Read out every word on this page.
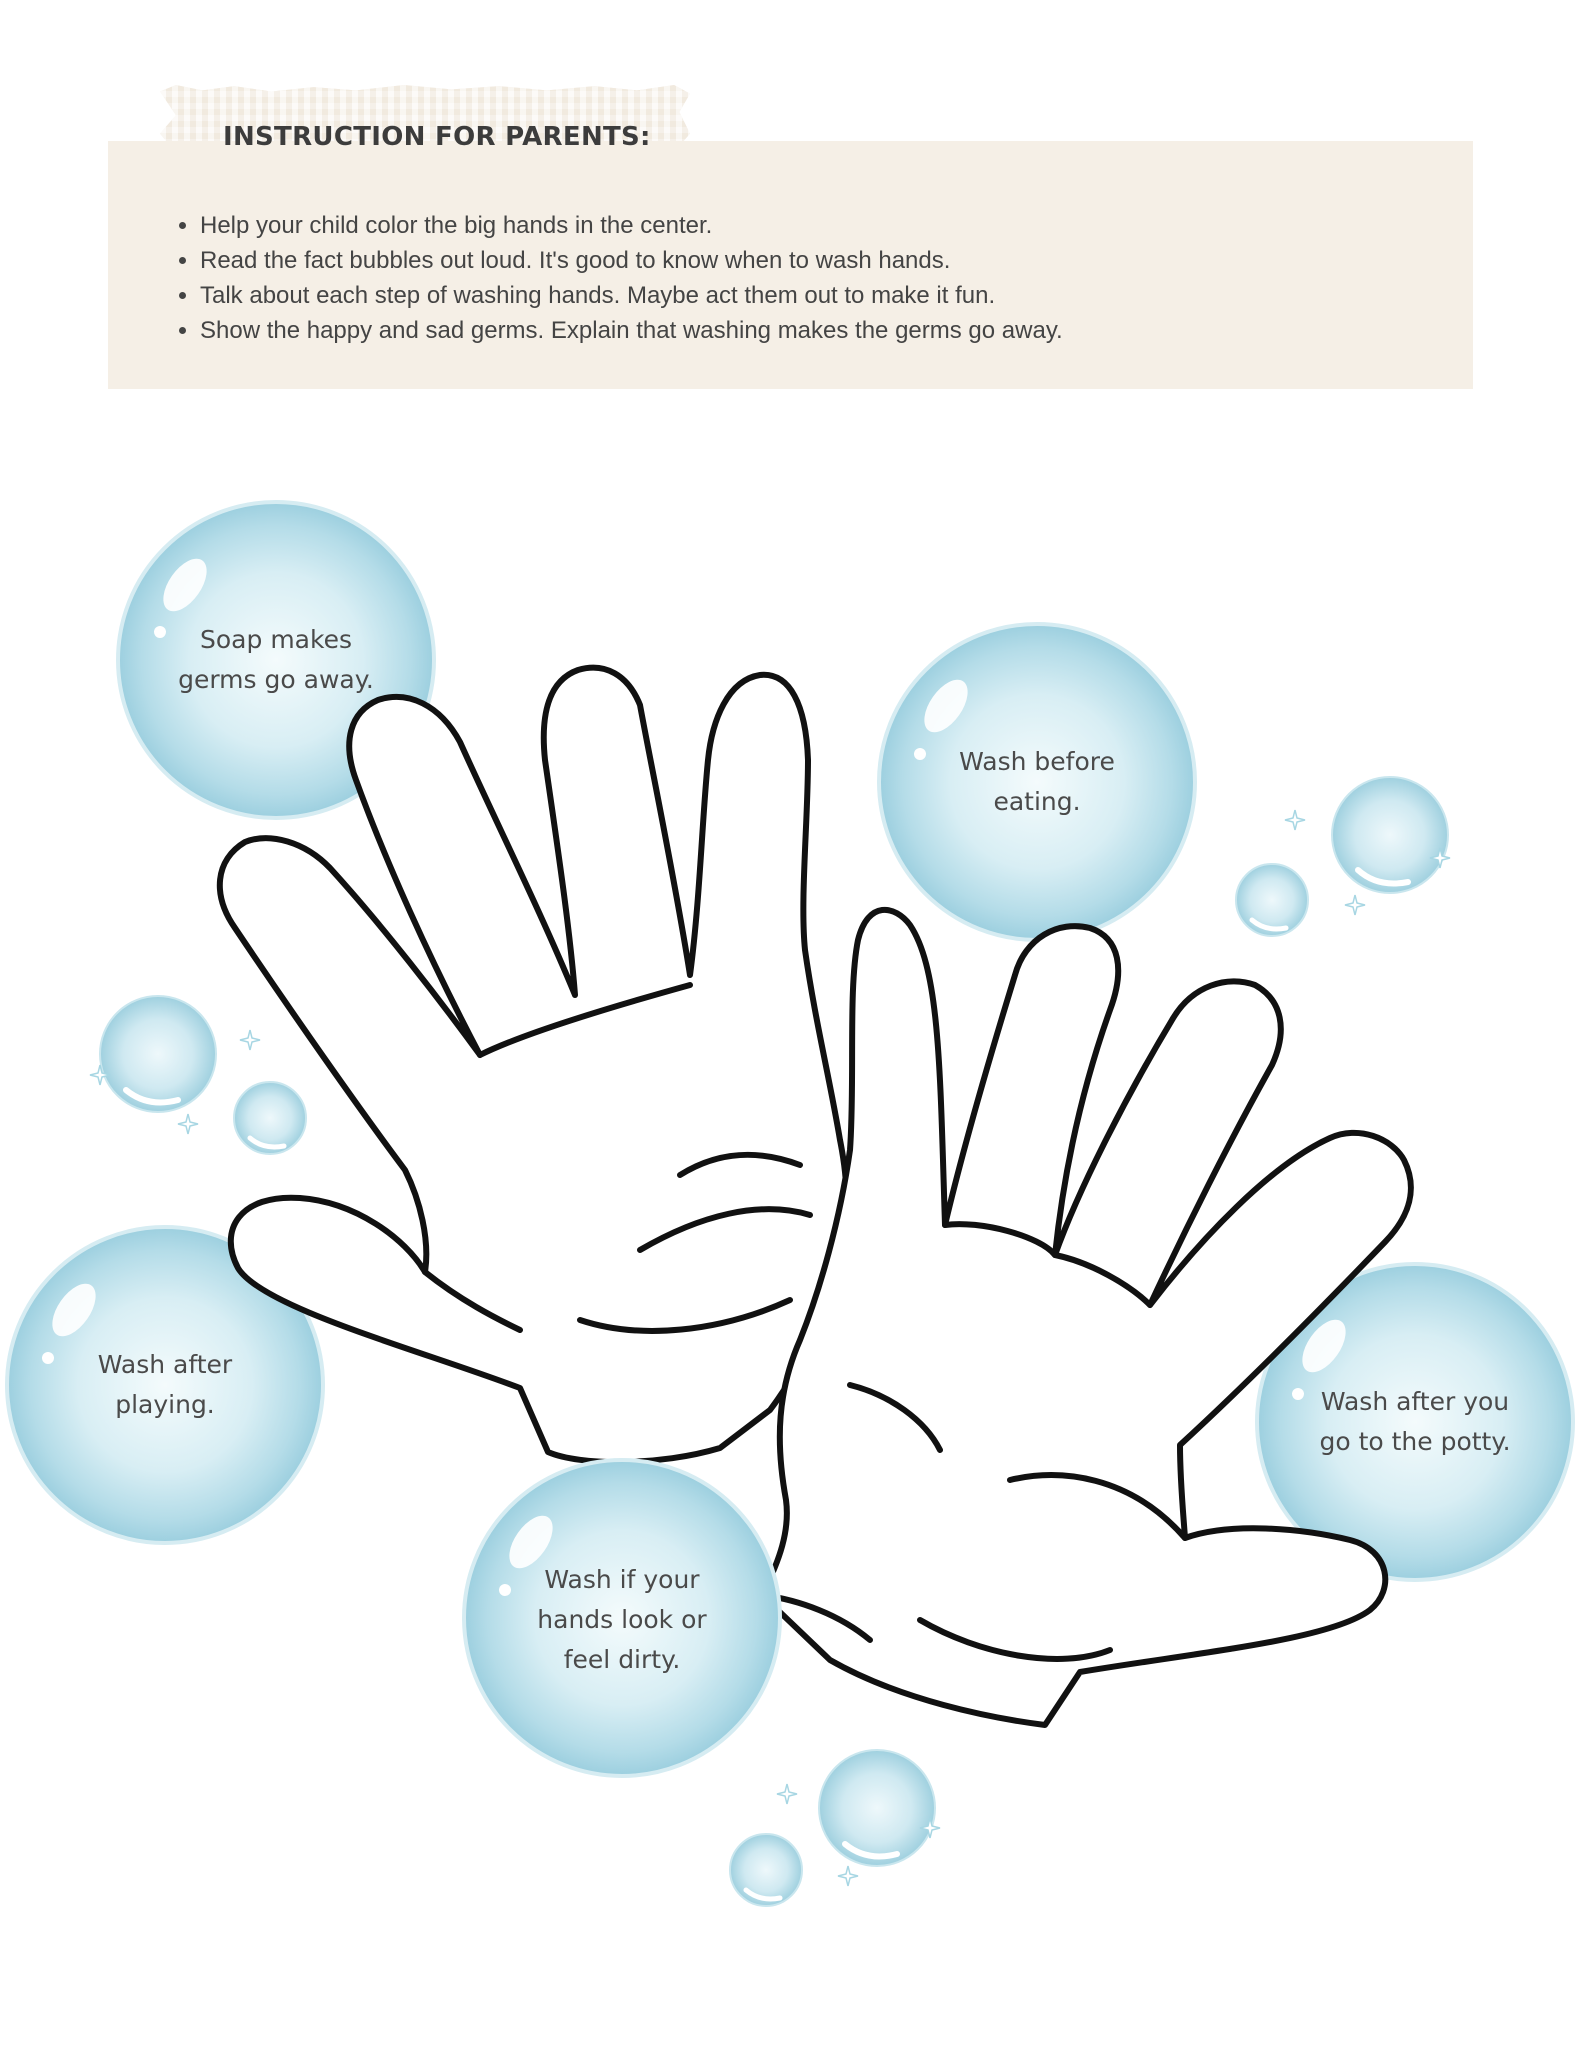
INSTRUCTION FOR PARENTS:
• Help your child color the big hands in the center.
• Read the fact bubbles out loud. It's good to know when to wash hands.
• Talk about each step of washing hands. Maybe act them out to make it fun.
• Show the happy and sad germs. Explain that washing makes the germs go away.
Soap makes
germs go away.
Wash before
eating.
Wash after
playing.	Wash after you
go to the potty.
Wash if your
hands look or
feel dirty.
